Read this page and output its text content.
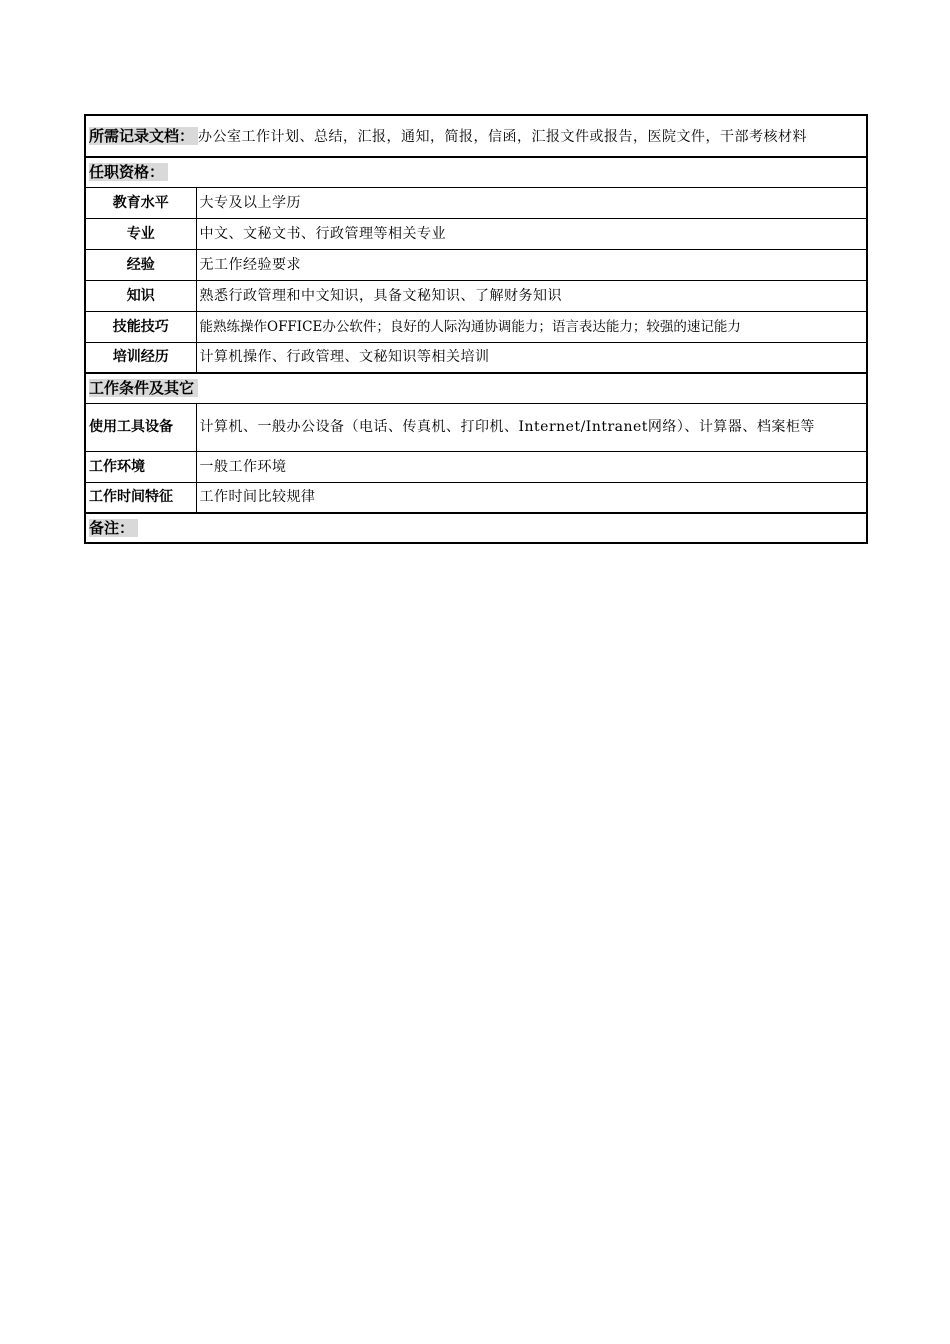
所需记录文档： 办公室工作计划、总结，汇报，通知，简报，信函，汇报文件或报告，医院文件，干部考核材料	
任职资格：	
教育水平	大专及以上学历
专业	中文、文秘文书、行政管理等相关专业
经验	无工作经验要求
知识	熟悉行政管理和中文知识，具备文秘知识、了解财务知识
技能技巧	能熟练操作OFFICE办公软件；良好的人际沟通协调能力；语言表达能力；较强的速记能力
培训经历	计算机操作、行政管理、文秘知识等相关培训
工作条件及其它	
使用工具设备	计算机、一般办公设备（电话、传真机、打印机、Internet/Intranet网络）、计算器、档案柜等
工作环境	一般工作环境
工作时间特征	工作时间比较规律
备注：	
